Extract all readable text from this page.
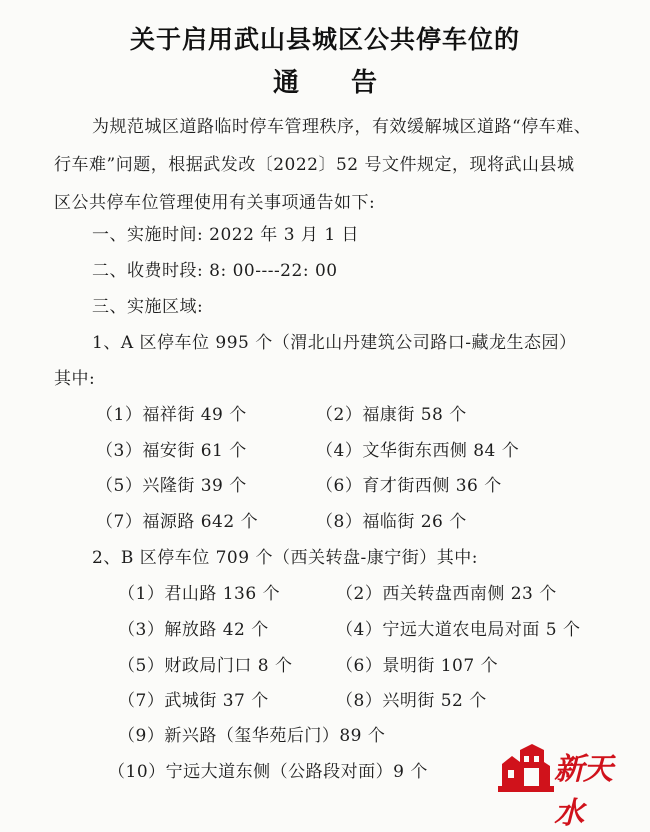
关于启用武山县城区公共停车位的
通告
为规范城区道路临时停车管理秩序，有效缓解城区道路“停车难、
行车难”问题，根据武发改〔2022〕52 号文件规定，现将武山县城
区公共停车位管理使用有关事项通告如下:
一、实施时间: 2022 年 3 月 1 日
二、收费时段: 8: 00----22: 00
三、实施区域:
1、A 区停车位 995 个（渭北山丹建筑公司路口-藏龙生态园）
其中:
（1）福祥街 49 个	（2）福康街 58 个
（3）福安街 61 个	（4）文华街东西侧 84 个
（5）兴隆街 39 个	（6）育才街西侧 36 个
（7）福源路 642 个	（8）福临街 26 个
2、B 区停车位 709 个（西关转盘-康宁街）其中:
（1）君山路 136 个	（2）西关转盘西南侧 23 个
（3）解放路 42 个	（4）宁远大道农电局对面 5 个
（5）财政局门口 8 个	（6）景明街 107 个
（7）武城街 37 个	（8）兴明街 52 个
（9）新兴路（玺华苑后门）89 个
（10）宁远大道东侧（公路段对面）9 个	新天水
